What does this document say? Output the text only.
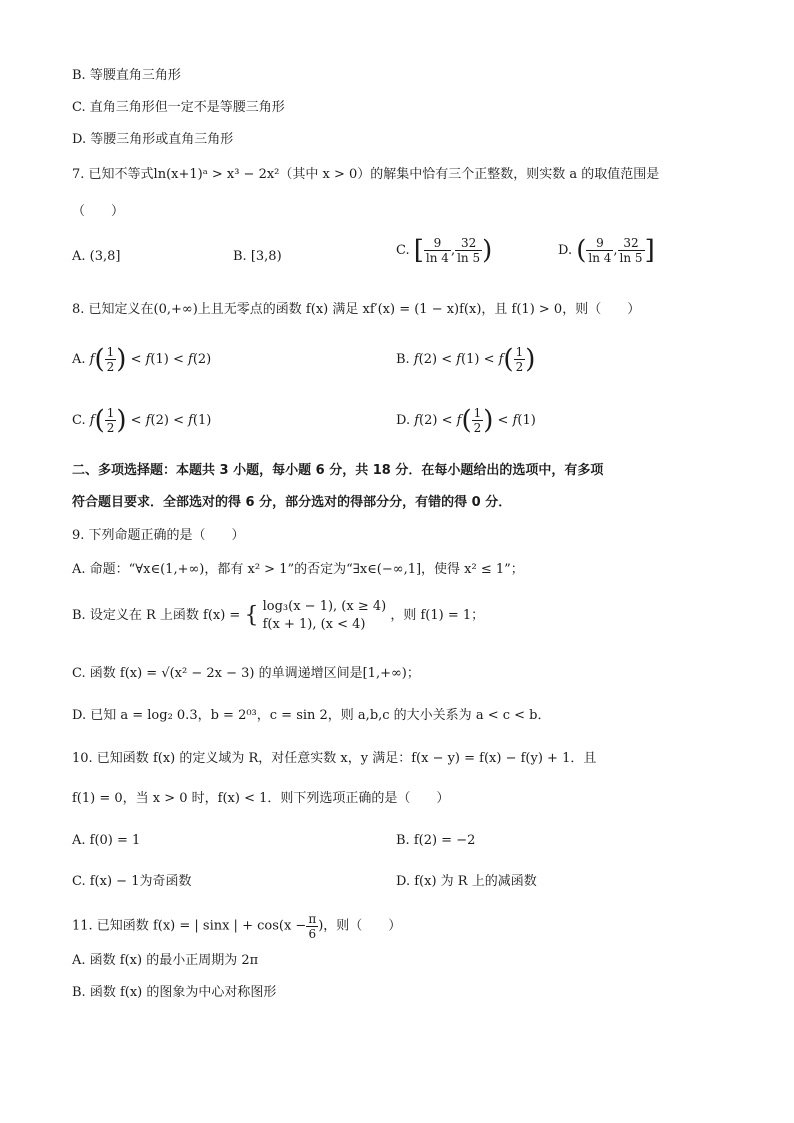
B. 等腰直角三角形
C. 直角三角形但一定不是等腰三角形
D. 等腰三角形或直角三角形
7. 已知不等式ln(x+1)ᵃ > x³ − 2x²（其中 x > 0）的解集中恰有三个正整数，则实数 a 的取值范围是
（　　）
A. (3,8]	B. [3,8)	C. [ $\frac{9}{\ln 4}$ , $\frac{32}{\ln 5}$ )	D. ( $\frac{9}{\ln 4}$ , $\frac{32}{\ln 5}$ ]
8. 已知定义在(0,+∞)上且无零点的函数 f(x) 满足 xf′(x) = (1 − x)f(x)，且 f(1) > 0，则（　　）
A. $f( \frac{1}{2}$ ) < f(1) < f(2)	B. $f(2) < f(1) < f( \frac{1}{2}$ )
C. $f( \frac{1}{2}$ ) < f(2) < f(1)	D. $f(2) < f( \frac{1}{2}$ ) < f(1)
二、多项选择题：本题共 3 小题，每小题 6 分，共 18 分．在每小题给出的选项中，有多项
符合题目要求．全部选对的得 6 分，部分选对的得部分分，有错的得 0 分．
9. 下列命题正确的是（　　）
A. 命题：“∀x∈(1,+∞)，都有 x² > 1”的否定为“∃x∈(−∞,1]，使得 x² ≤ 1”；
B. 设定义在 R 上函数 f(x) = { log₃(x − 1), (x ≥ 4)
f(x + 1), (x < 4)
，则 f(1) = 1；
C. 函数 f(x) = √(x² − 2x − 3) 的单调递增区间是[1,+∞)；
D. 已知 a = log₂ 0.3，b = 2⁰³，c = sin 2，则 a,b,c 的大小关系为 a < c < b．
10. 已知函数 f(x) 的定义域为 R，对任意实数 x，y 满足：f(x − y) = f(x) − f(y) + 1．且
f(1) = 0，当 x > 0 时，f(x) < 1．则下列选项正确的是（　　）
A. f(0) = 1	B. f(2) = −2
C. f(x) − 1为奇函数	D. f(x) 为 R 上的减函数
11. 已知函数 f(x) = | sinx | + $\cos(x - \frac{\pi}{6}$ )，则（　　）
A. 函数 f(x) 的最小正周期为 2π
B. 函数 f(x) 的图象为中心对称图形
